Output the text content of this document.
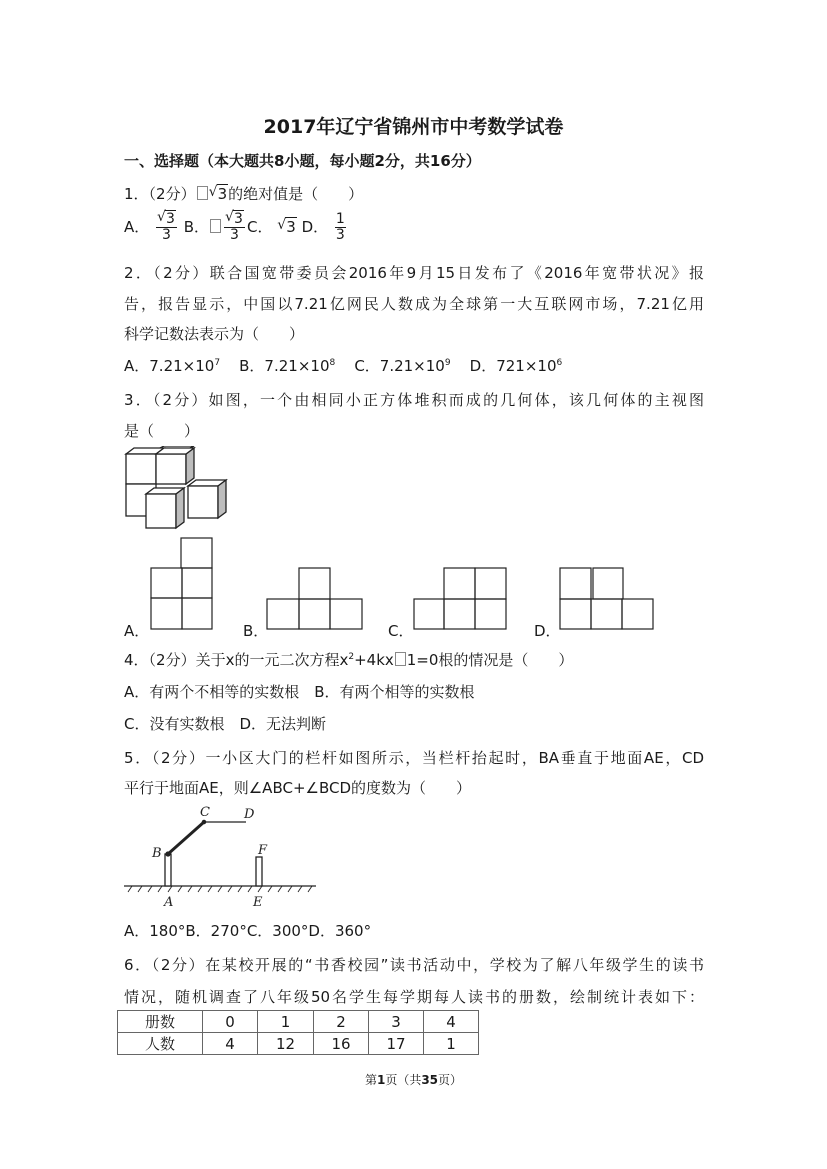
2017年辽宁省锦州市中考数学试卷
一、选择题（本大题共8小题，每小题2分，共16分）
1．（2分） √ 3的绝对值是（　　）
A． $\frac{√ 3}{3}$ B． $\frac{√ 3}{3}$ C． √ 3 D． $\frac{1}{3}$
2．（2分）联合国宽带委员会2016年9月15日发布了《2016年宽带状况》报
告，报告显示，中国以7.21亿网民人数成为全球第一大互联网市场，7.21亿用
科学记数法表示为（　　）
A．$7.21\times 10^7$ B．$7.21\times 10^8$ C．$7.21\times 10^9$ D．$721\times 10^6$
3．（2分）如图，一个由相同小正方体堆积而成的几何体，该几何体的主视图
是（　　）
A．	B．	C．	D．
4．（2分）关于x的一元二次方程$x^2+4kx$ 1=0根的情况是（　　）
A．有两个不相等的实数根　B．有两个相等的实数根
C．没有实数根　D．无法判断
5．（2分）一小区大门的栏杆如图所示，当栏杆抬起时，BA垂直于地面AE，CD
平行于地面AE，则∠ABC+∠BCD的度数为（　　）
A
B
C	D
E
F
A．180°B．270°C．300°D．360°
6．（2分）在某校开展的“书香校园”读书活动中，学校为了解八年级学生的读书
情况，随机调查了八年级50名学生每学期每人读书的册数，绘制统计表如下：
册数	0	1	2	3	4
人数	4	12	16	17	1
第1页（共35页）
